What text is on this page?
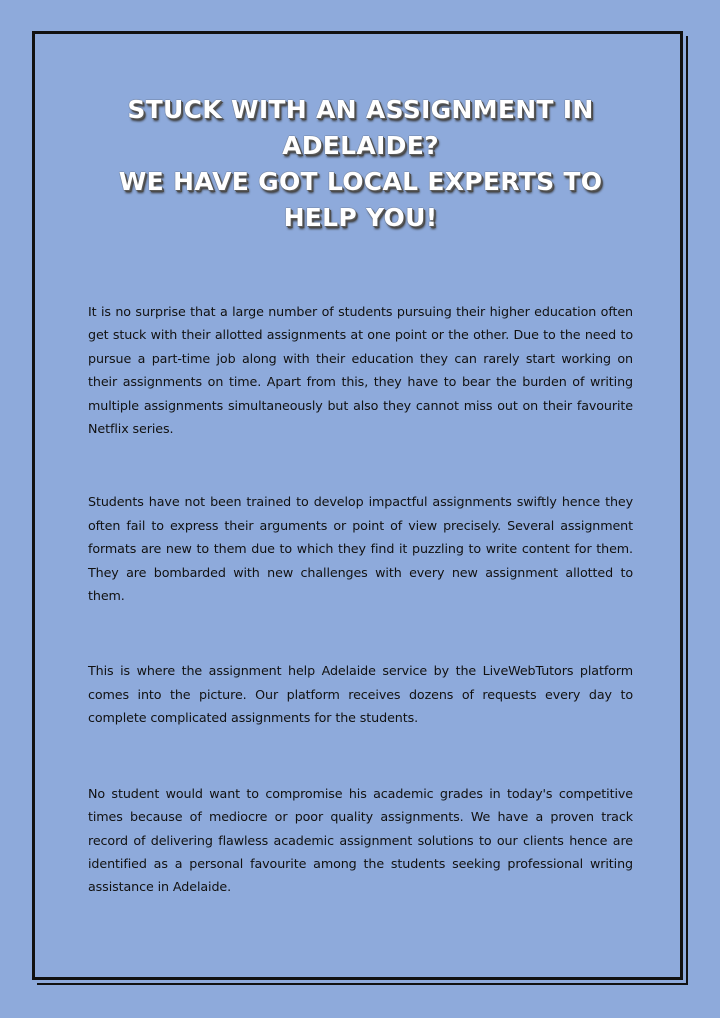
STUCK WITH AN ASSIGNMENT IN
ADELAIDE?
WE HAVE GOT LOCAL EXPERTS TO
HELP YOU!

It is no surprise that a large number of students pursuing their higher education often get stuck with their allotted assignments at one point or the other. Due to the need to pursue a part-time job along with their education they can rarely start working on their assignments on time. Apart from this, they have to bear the burden of writing multiple assignments simultaneously but also they cannot miss out on their favourite Netflix series.

Students have not been trained to develop impactful assignments swiftly hence they often fail to express their arguments or point of view precisely. Several assignment formats are new to them due to which they find it puzzling to write content for them. They are bombarded with new challenges with every new assignment allotted to them.

This is where the assignment help Adelaide service by the LiveWebTutors platform comes into the picture. Our platform receives dozens of requests every day to complete complicated assignments for the students.

No student would want to compromise his academic grades in today's competitive times because of mediocre or poor quality assignments. We have a proven track record of delivering flawless academic assignment solutions to our clients hence are identified as a personal favourite among the students seeking professional writing assistance in Adelaide.
